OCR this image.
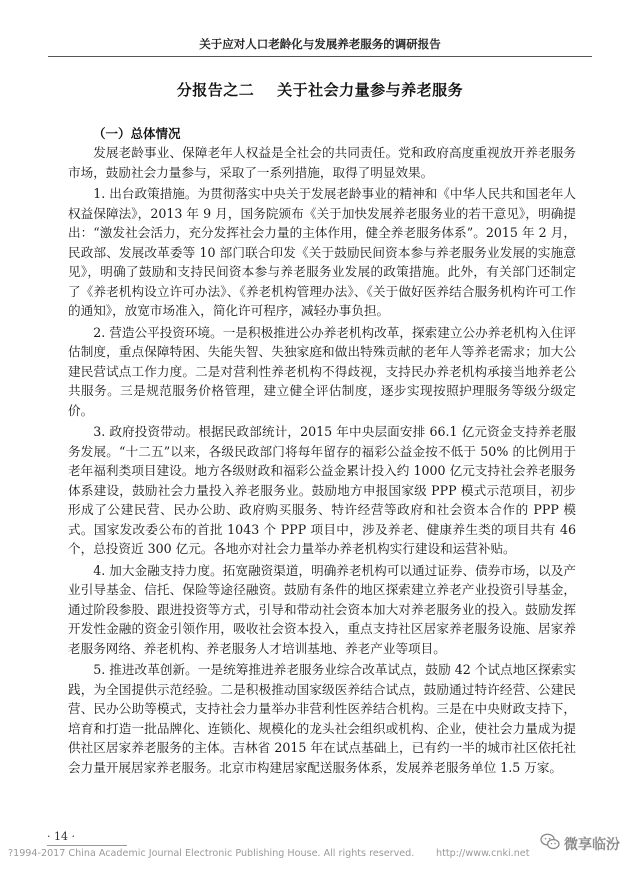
关于应对人口老龄化与发展养老服务的调研报告
分报告之二    关于社会力量参与养老服务
（一）总体情况

发展老龄事业、保障老年人权益是全社会的共同责任。党和政府高度重视放开养老服务市场，鼓励社会力量参与，采取了一系列措施，取得了明显效果。

1. 出台政策措施。为贯彻落实中央关于发展老龄事业的精神和《中华人民共和国老年人权益保障法》，2013 年 9 月，国务院颁布《关于加快发展养老服务业的若干意见》，明确提出：“激发社会活力，充分发挥社会力量的主体作用，健全养老服务体系”。2015 年 2 月，民政部、发展改革委等 10 部门联合印发《关于鼓励民间资本参与养老服务业发展的实施意见》，明确了鼓励和支持民间资本参与养老服务业发展的政策措施。此外，有关部门还制定了《养老机构设立许可办法》、《养老机构管理办法》、《关于做好医养结合服务机构许可工作的通知》，放宽市场准入，简化许可程序，减轻办事负担。

2. 营造公平投资环境。一是积极推进公办养老机构改革，探索建立公办养老机构入住评估制度，重点保障特困、失能失智、失独家庭和做出特殊贡献的老年人等养老需求；加大公建民营试点工作力度。二是对营利性养老机构不得歧视，支持民办养老机构承接当地养老公共服务。三是规范服务价格管理，建立健全评估制度，逐步实现按照护理服务等级分级定价。

3. 政府投资带动。根据民政部统计，2015 年中央层面安排 66.1 亿元资金支持养老服务发展。“十二五”以来，各级民政部门将每年留存的福彩公益金按不低于 50% 的比例用于老年福利类项目建设。地方各级财政和福彩公益金累计投入约 1000 亿元支持社会养老服务体系建设，鼓励社会力量投入养老服务业。鼓励地方申报国家级 PPP 模式示范项目，初步形成了公建民营、民办公助、政府购买服务、特许经营等政府和社会资本合作的 PPP 模式。国家发改委公布的首批 1043 个 PPP 项目中，涉及养老、健康养生类的项目共有 46 个，总投资近 300 亿元。各地亦对社会力量举办养老机构实行建设和运营补贴。

4. 加大金融支持力度。拓宽融资渠道，明确养老机构可以通过证券、债券市场，以及产业引导基金、信托、保险等途径融资。鼓励有条件的地区探索建立养老产业投资引导基金，通过阶段参股、跟进投资等方式，引导和带动社会资本加大对养老服务业的投入。鼓励发挥开发性金融的资金引领作用，吸收社会资本投入，重点支持社区居家养老服务设施、居家养老服务网络、养老机构、养老服务人才培训基地、养老产业等项目。

5. 推进改革创新。一是统筹推进养老服务业综合改革试点，鼓励 42 个试点地区探索实践，为全国提供示范经验。二是积极推动国家级医养结合试点，鼓励通过特许经营、公建民营、民办公助等模式，支持社会力量举办非营利性医养结合机构。三是在中央财政支持下，培育和打造一批品牌化、连锁化、规模化的龙头社会组织或机构、企业，使社会力量成为提供社区居家养老服务的主体。吉林省 2015 年在试点基础上，已有约一半的城市社区依托社会力量开展居家养老服务。北京市构建居家配送服务体系，发展养老服务单位 1.5 万家。

· 14 ·
?1994-2017 China Academic Journal Electronic Publishing House. All rights reserved. http://www.cnki.net
微享临汾
